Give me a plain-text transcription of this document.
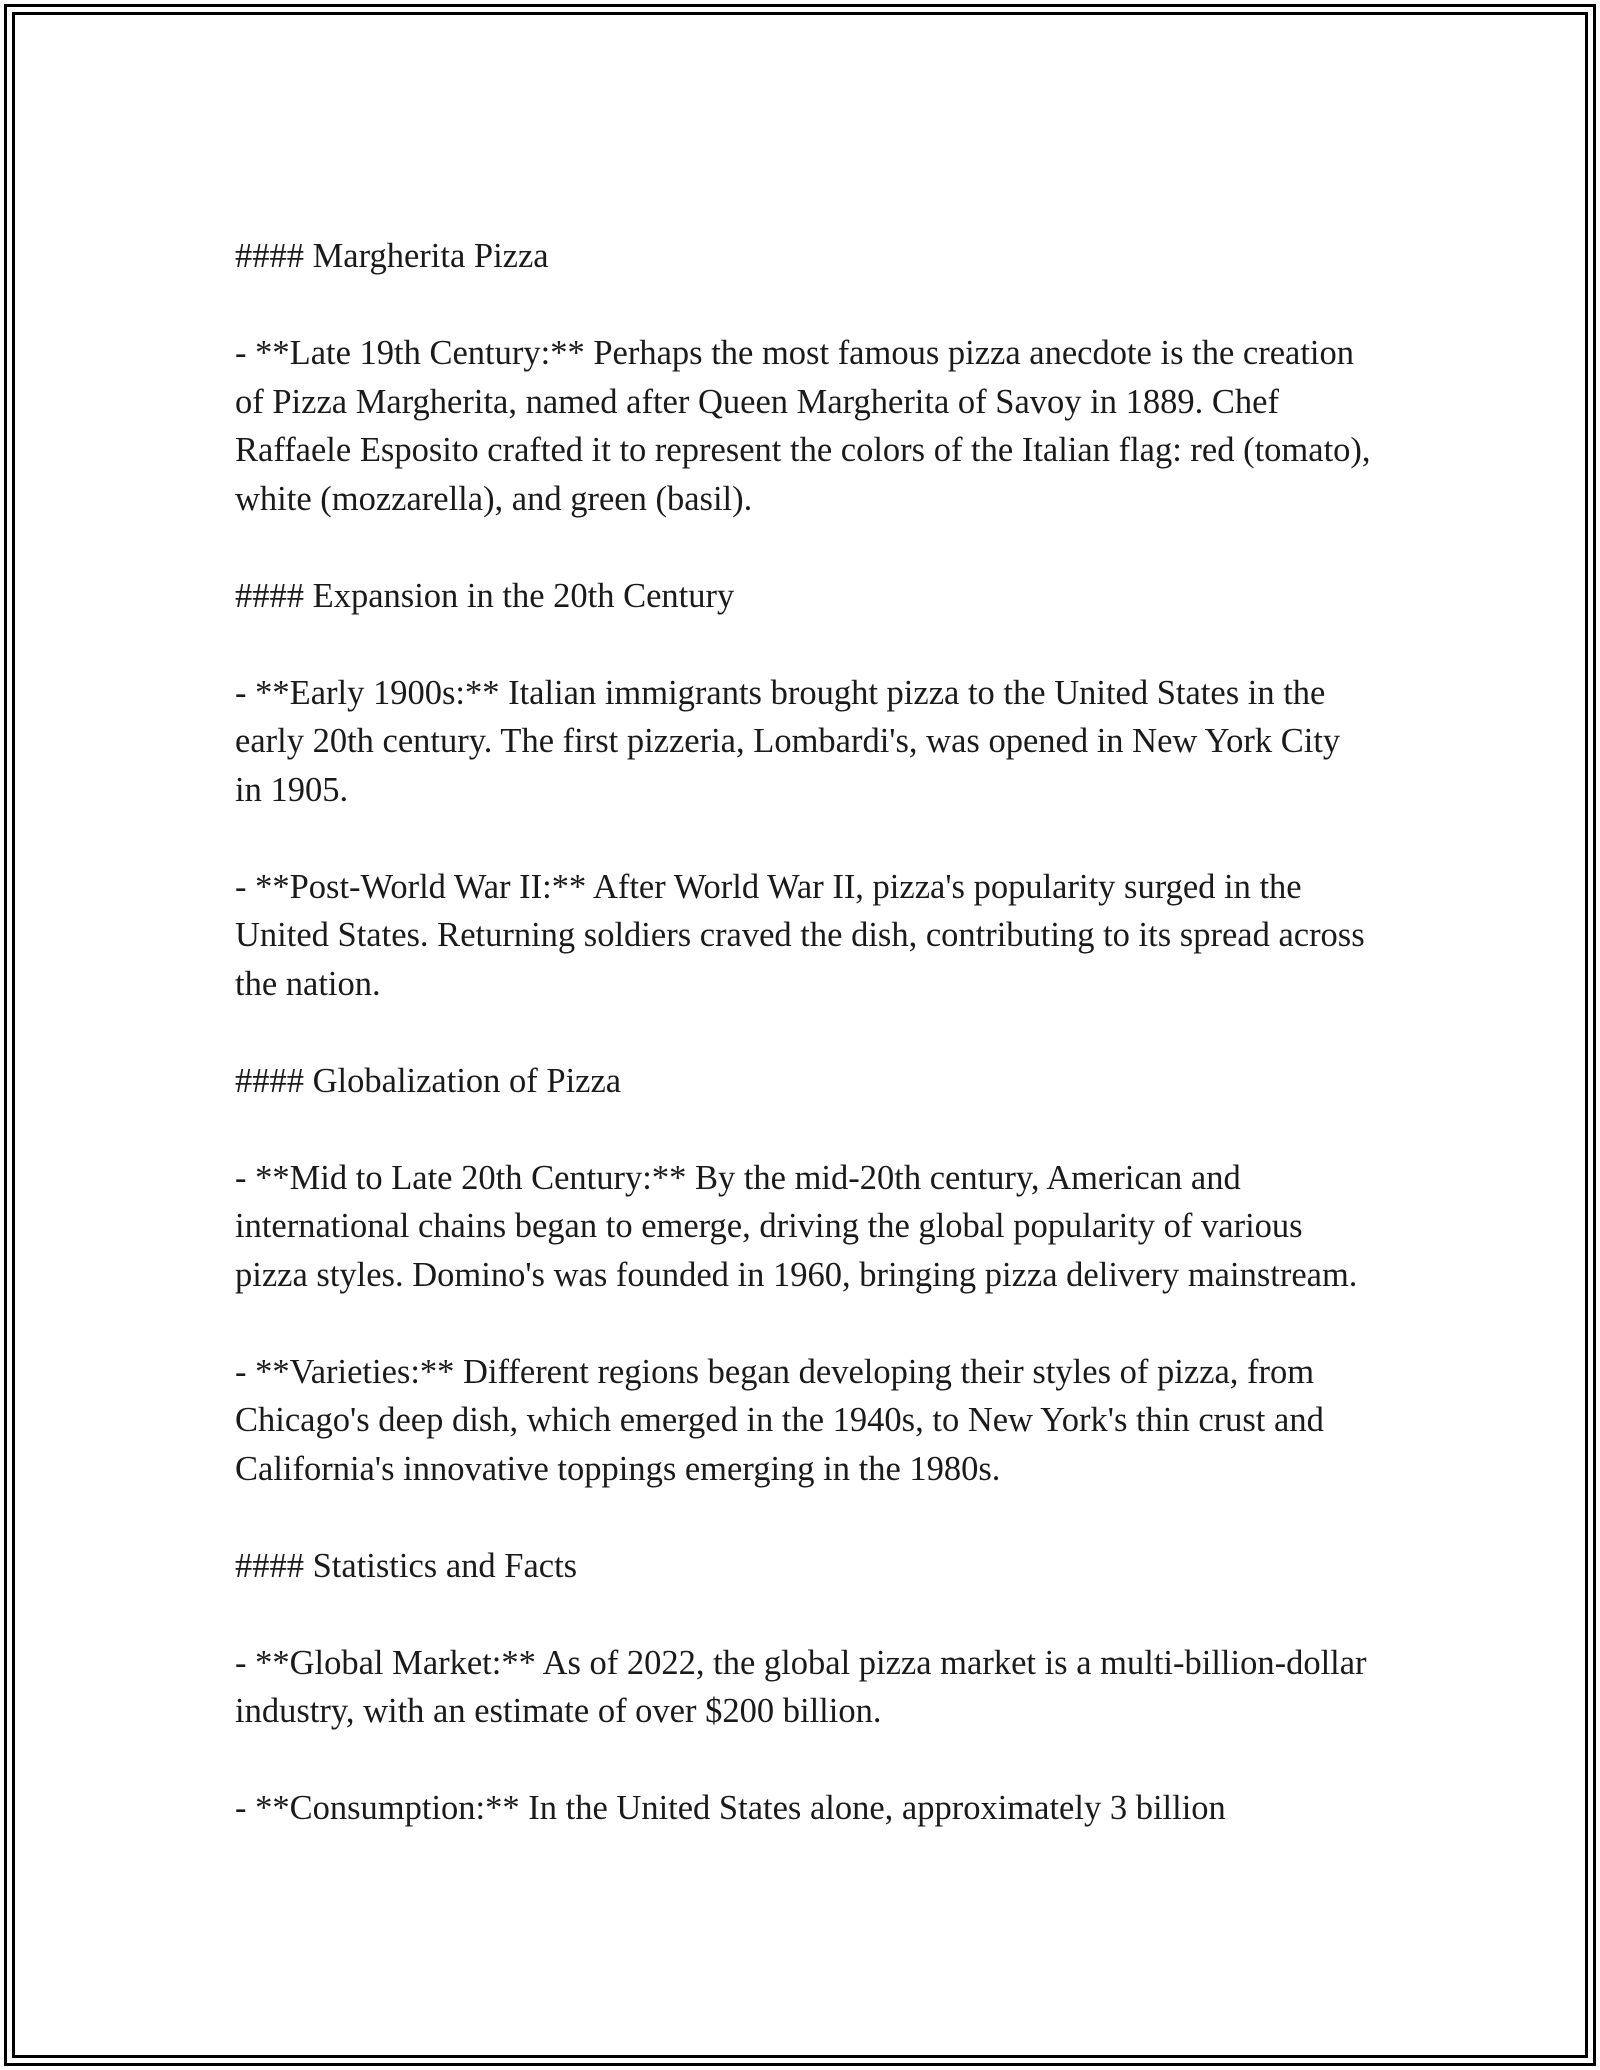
#### Margherita Pizza

- **Late 19th Century:** Perhaps the most famous pizza anecdote is the creation of Pizza Margherita, named after Queen Margherita of Savoy in 1889. Chef Raffaele Esposito crafted it to represent the colors of the Italian flag: red (tomato), white (mozzarella), and green (basil).

#### Expansion in the 20th Century

- **Early 1900s:** Italian immigrants brought pizza to the United States in the early 20th century. The first pizzeria, Lombardi's, was opened in New York City in 1905.

- **Post-World War II:** After World War II, pizza's popularity surged in the United States. Returning soldiers craved the dish, contributing to its spread across the nation.

#### Globalization of Pizza

- **Mid to Late 20th Century:** By the mid-20th century, American and international chains began to emerge, driving the global popularity of various pizza styles. Domino's was founded in 1960, bringing pizza delivery mainstream.

- **Varieties:** Different regions began developing their styles of pizza, from Chicago's deep dish, which emerged in the 1940s, to New York's thin crust and California's innovative toppings emerging in the 1980s.

#### Statistics and Facts

- **Global Market:** As of 2022, the global pizza market is a multi-billion-dollar industry, with an estimate of over $200 billion.

- **Consumption:** In the United States alone, approximately 3 billion
